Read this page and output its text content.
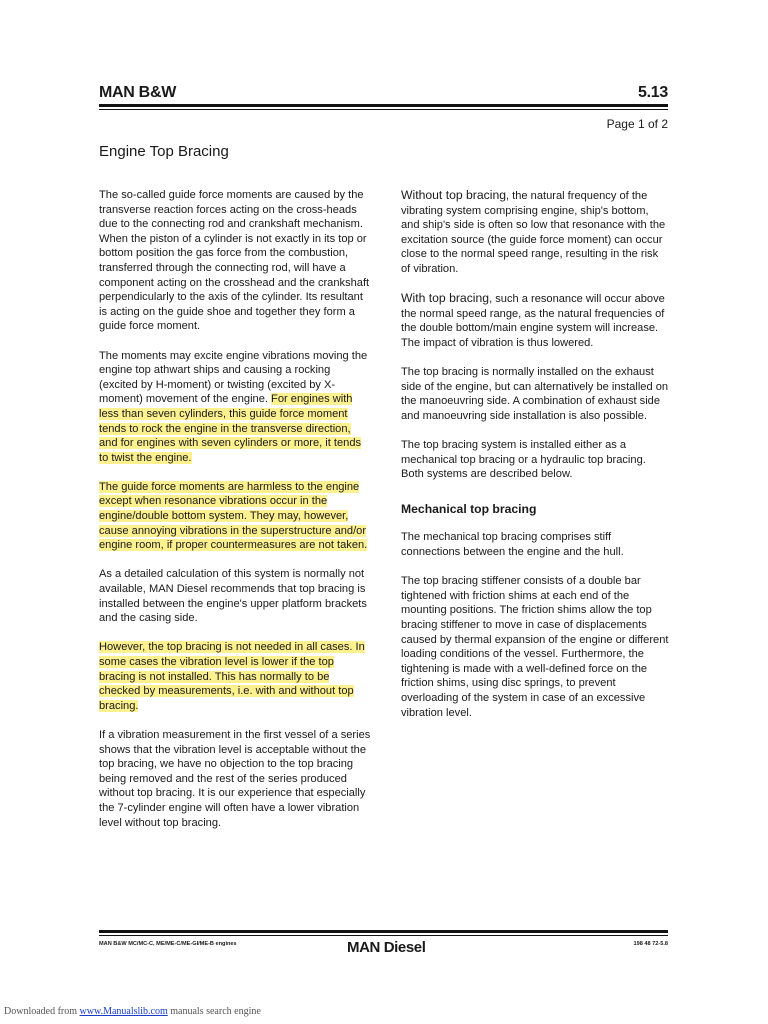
MAN B&W	5.13
Page 1 of 2
Engine Top Bracing

The so-called guide force moments are caused by the transverse reaction forces acting on the cross-heads due to the connecting rod and crankshaft mechanism. When the piston of a cylinder is not exactly in its top or bottom position the gas force from the combustion, transferred through the connecting rod, will have a component acting on the crosshead and the crankshaft perpendicularly to the axis of the cylinder. Its resultant is acting on the guide shoe and together they form a guide force moment.

The moments may excite engine vibrations moving the engine top athwart ships and causing a rocking (excited by H-moment) or twisting (excited by X-moment) movement of the engine. For engines with less than seven cylinders, this guide force moment tends to rock the engine in the transverse direction, and for engines with seven cylinders or more, it tends to twist the engine.

The guide force moments are harmless to the engine except when resonance vibrations occur in the engine/double bottom system. They may, however, cause annoying vibrations in the superstructure and/or engine room, if proper countermeasures are not taken.

As a detailed calculation of this system is normally not available, MAN Diesel recommends that top bracing is installed between the engine's upper platform brackets and the casing side.

However, the top bracing is not needed in all cases. In some cases the vibration level is lower if the top bracing is not installed. This has normally to be checked by measurements, i.e. with and without top bracing.

If a vibration measurement in the first vessel of a series shows that the vibration level is acceptable without the top bracing, we have no objection to the top bracing being removed and the rest of the series produced without top bracing. It is our experience that especially the 7-cylinder engine will often have a lower vibration level without top bracing.

Without top bracing, the natural frequency of the vibrating system comprising engine, ship's bottom, and ship's side is often so low that resonance with the excitation source (the guide force moment) can occur close to the normal speed range, resulting in the risk of vibration.

With top bracing, such a resonance will occur above the normal speed range, as the natural frequencies of the double bottom/main engine system will increase. The impact of vibration is thus lowered.

The top bracing is normally installed on the exhaust side of the engine, but can alternatively be installed on the manoeuvring side. A combination of exhaust side and manoeuvring side installation is also possible.

The top bracing system is installed either as a mechanical top bracing or a hydraulic top bracing. Both systems are described below.

Mechanical top bracing

The mechanical top bracing comprises stiff connections between the engine and the hull.

The top bracing stiffener consists of a double bar tightened with friction shims at each end of the mounting positions. The friction shims allow the top bracing stiffener to move in case of displacements caused by thermal expansion of the engine or different loading conditions of the vessel. Furthermore, the tightening is made with a well-defined force on the friction shims, using disc springs, to prevent overloading of the system in case of an excessive vibration level.

MAN B&W MC/MC-C, ME/ME-C/ME-GI/ME-B engines	MAN Diesel	198 48 72-5.8
Downloaded from www.Manualslib.com manuals search engine
